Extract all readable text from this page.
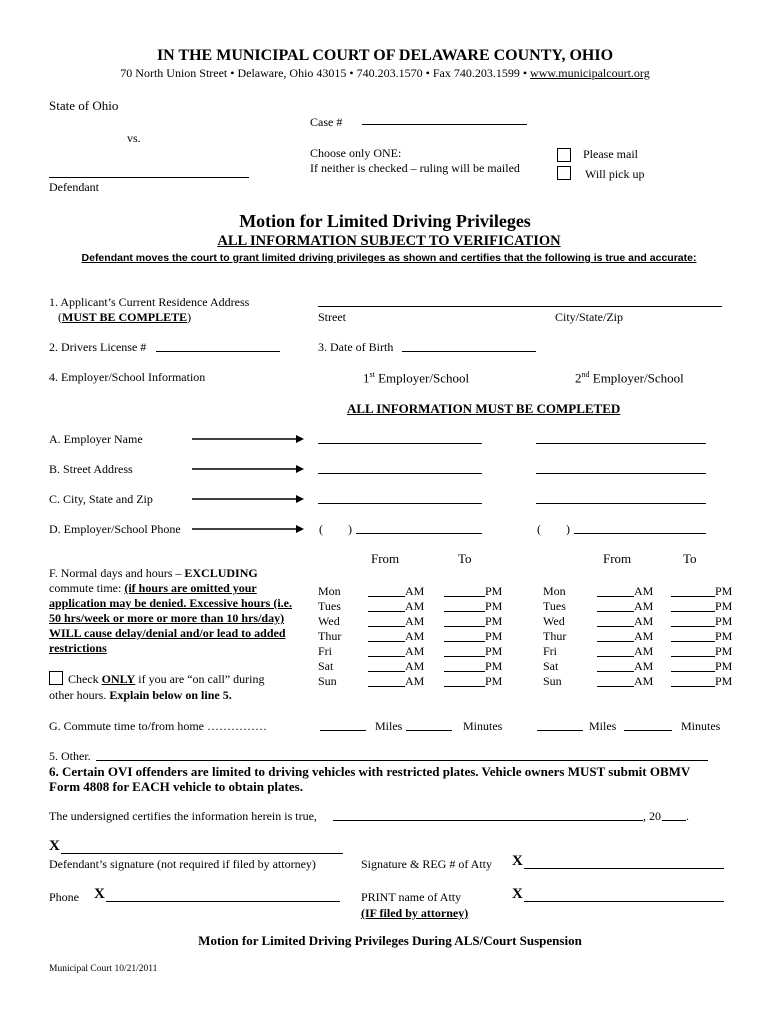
IN THE MUNICIPAL COURT OF DELAWARE COUNTY, OHIO
70 North Union Street • Delaware, Ohio 43015 • 740.203.1570 • Fax 740.203.1599 • www.municipalcourt.org
State of Ohio
Case #
vs.
Choose only ONE:
If neither is checked – ruling will be mailed
Please mail
Will pick up
Defendant
Motion for Limited Driving Privileges
ALL INFORMATION SUBJECT TO VERIFICATION
Defendant moves the court to grant limited driving privileges as shown and certifies that the following is true and accurate:
1. Applicant’s Current Residence Address
(MUST BE COMPLETE)	Street	City/State/Zip
2. Drivers License #	3. Date of Birth
4. Employer/School Information	1st Employer/School	2nd Employer/School
ALL INFORMATION MUST BE COMPLETED
A. Employer Name
B. Street Address
C. City, State and Zip
D. Employer/School Phone	( )	( )
From	To	From	To
F. Normal days and hours – EXCLUDING
commute time: (if hours are omitted your
application may be denied. Excessive hours (i.e.
50 hrs/week or more or more than 10 hrs/day)
WILL cause delay/denial and/or lead to added
restrictions
Check ONLY if you are “on call” during
other hours. Explain below on line 5.
Mon	AM	PM	Mon	AM	PM
Tues	AM	PM	Tues	AM	PM
Wed	AM	PM	Wed	AM	PM
Thur	AM	PM	Thur	AM	PM
Fri	AM	PM	Fri	AM	PM
Sat	AM	PM	Sat	AM	PM
Sun	AM	PM	Sun	AM	PM
G. Commute time to/from home ……………	Miles	Minutes	Miles	Minutes
5. Other.
6. Certain OVI offenders are limited to driving vehicles with restricted plates. Vehicle owners MUST submit OBMV
Form 4808 for EACH vehicle to obtain plates.
The undersigned certifies the information herein is true,	, 20 .
X
Defendant’s signature (not required if filed by attorney)	Signature & REG # of Atty X
Phone X	PRINT name of Atty	X
(IF filed by attorney)
Motion for Limited Driving Privileges During ALS/Court Suspension
Municipal Court 10/21/2011
